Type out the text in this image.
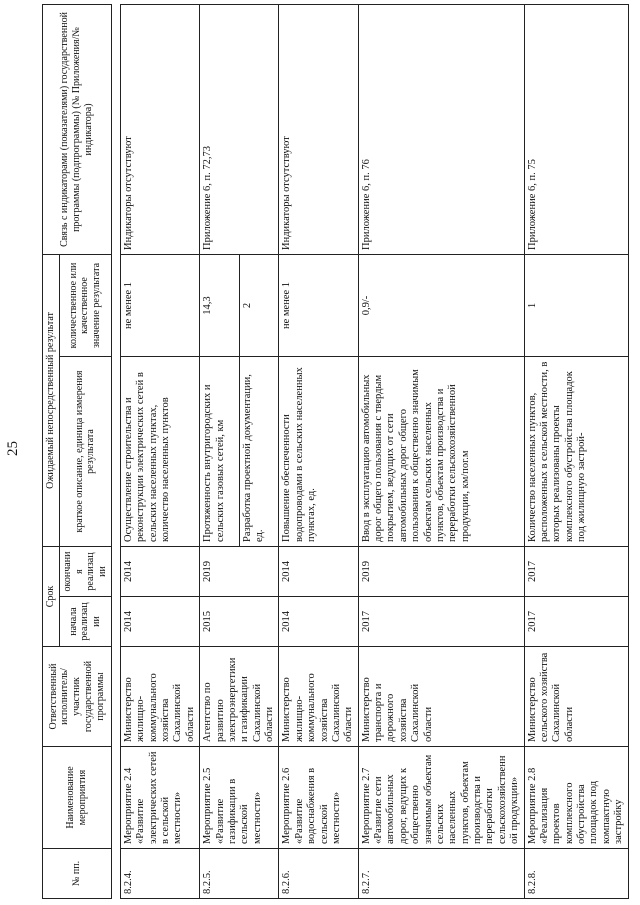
25
№ пп.	Наименование мероприятия	Ответственный исполнитель/участник государственной программы	Срок		Ожидаемый непосредственный результат		Связь с индикаторами (показателями) государственной программы (подпрограммы) (№ Приложения/№ индикатора)
			начала реализации	окончания реализации	краткое описание, единица измерения результата	количественное или качественное значение результата	

8.2.4.	Мероприятие 2.4 «Развитие электрических сетей в сельской местности»	Министерство жилищно-коммунального хозяйства Сахалинской области	2014	2014	Осуществление строительства и реконструкции электрических сетей в сельских населенных пунктах, количество населенных пунктов	не менее 1	Индикаторы отсутствуют
8.2.5.	Мероприятие 2.5 «Развитие газификации в сельской местности»	Агентство по развитию электроэнергетики и газификации Сахалинской области	2015	2019	Протяженность внутригородских и сельских газовых сетей, км	14,3	Приложение 6, п. 72,73
					Разработка проектной документации, ед.	2	
8.2.6.	Мероприятие 2.6 «Развитие водоснабжения в сельской местности»	Министерство жилищно-коммунального хозяйства Сахалинской области	2014	2014	Повышение обеспеченности водопроводами в сельских населенных пунктах, ед.	не менее 1	Индикаторы отсутствуют
8.2.7.	Мероприятие 2.7 «Развитие сети автомобильных дорог, ведущих к общественно значимым объектам сельских населенных пунктов, объектам производства и переработки сельскохозяйственной продукции»	Министерство транспорта и дорожного хозяйства Сахалинской области	2017	2019	Ввод в эксплуатацию автомобильных дорог общего пользования с твердым покрытием, ведущих от сети автомобильных дорог общего пользования к общественно значимым объектам сельских населенных пунктов, объектам производства и переработки сельскохозяйственной продукции, км/пог.м	0,9/-	Приложение 6, п. 76
8.2.8.	Мероприятие 2.8 «Реализация проектов комплексного обустройства площадок под компактную застройку	Министерство сельского хозяйства Сахалинской области	2017	2017	Количество населенных пунктов, расположенных в сельской местности, в которых реализованы проекты комплексного обустройства площадок под жилищную застрой-	1	Приложение 6, п. 75
